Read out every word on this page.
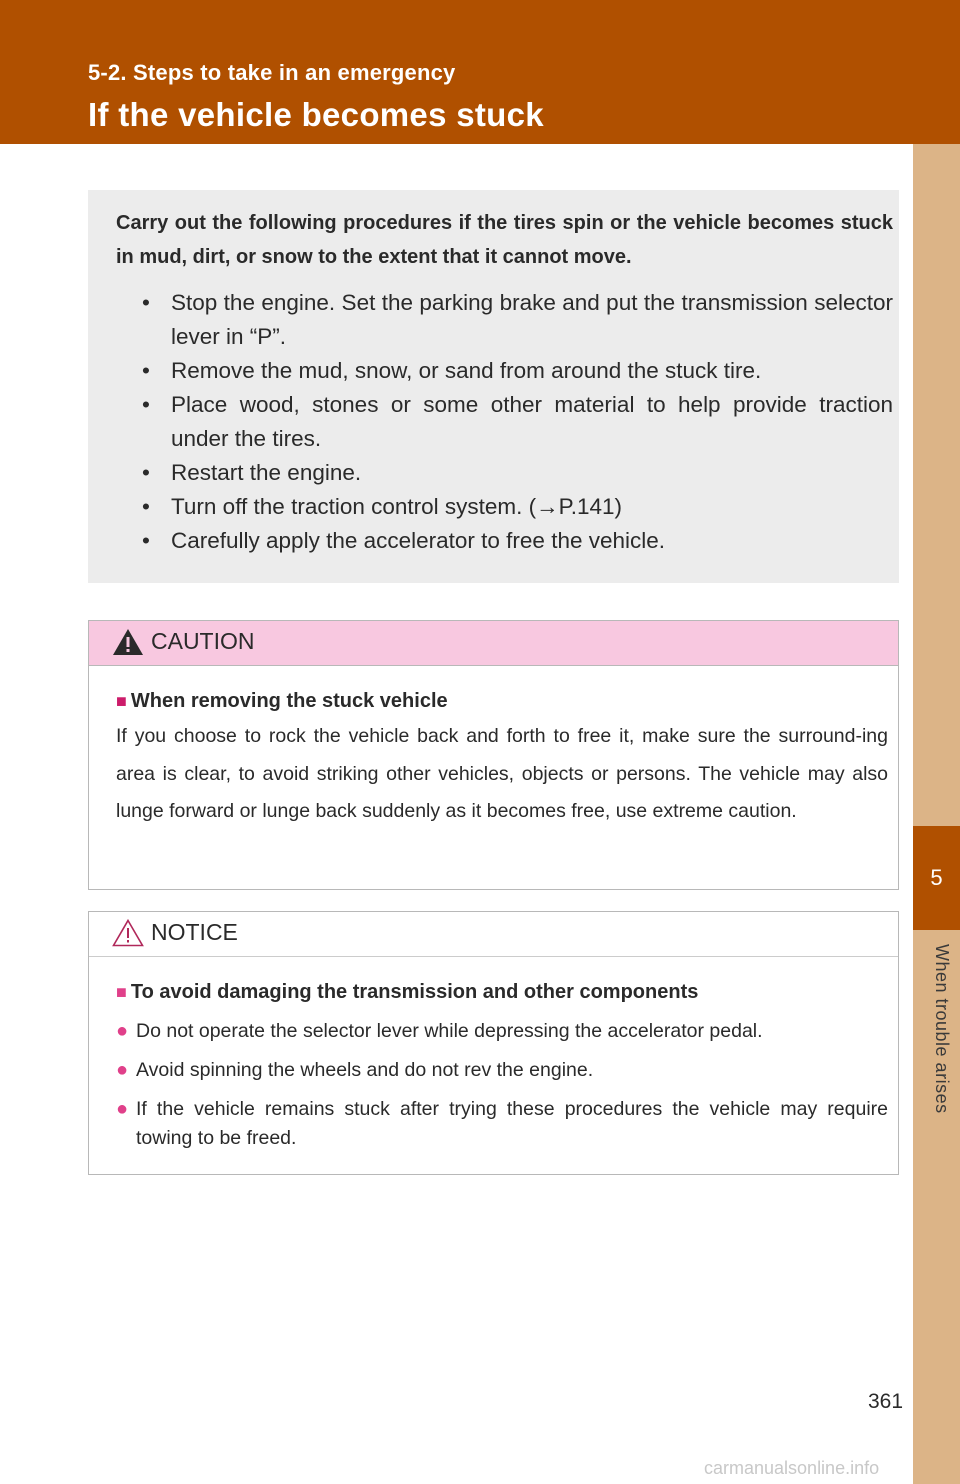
5-2. Steps to take in an emergency
If the vehicle becomes stuck
5
When trouble arises

Carry out the following procedures if the tires spin or the vehicle becomes stuck in mud, dirt, or snow to the extent that it cannot move.

• Stop the engine. Set the parking brake and put the transmission selector lever in “P”.
• Remove the mud, snow, or sand from around the stuck tire.
• Place wood, stones or some other material to help provide traction under the tires.
• Restart the engine.
• Turn off the traction control system. (→P.141)
• Carefully apply the accelerator to free the vehicle.
CAUTION
■ When removing the stuck vehicle

If you choose to rock the vehicle back and forth to free it, make sure the surround-ing area is clear, to avoid striking other vehicles, objects or persons. The vehicle may also lunge forward or lunge back suddenly as it becomes free, use extreme caution.

NOTICE
■ To avoid damaging the transmission and other components
● Do not operate the selector lever while depressing the accelerator pedal.
● Avoid spinning the wheels and do not rev the engine.
● If the vehicle remains stuck after trying these procedures the vehicle may require towing to be freed.
361
carmanualsonline.info
